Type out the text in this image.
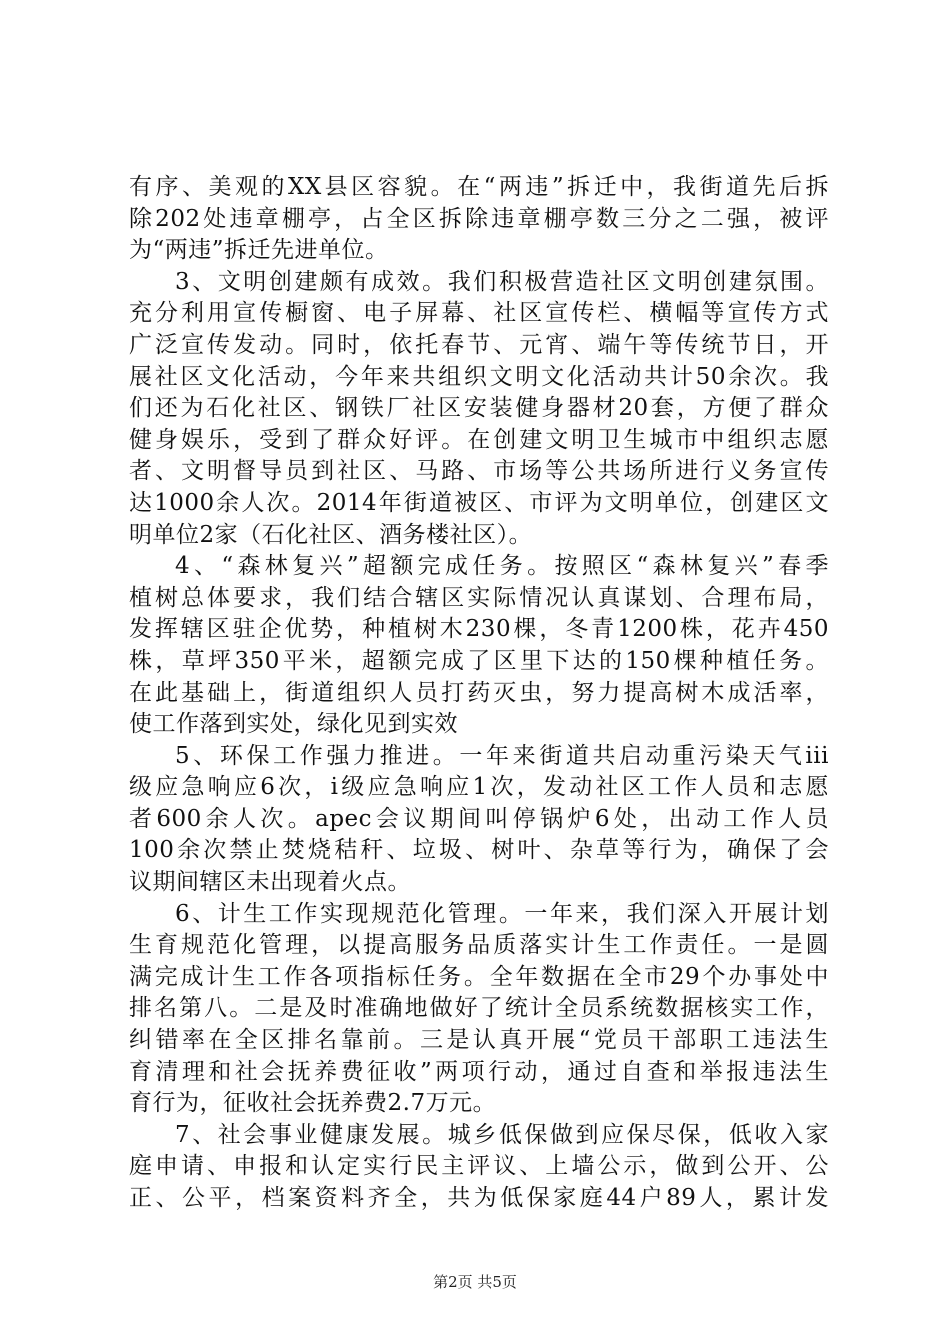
有序、美观的XX县区容貌。在“两违”拆迁中，我街道先后拆
除202处违章棚亭，占全区拆除违章棚亭数三分之二强，被评
为“两违”拆迁先进单位。
3、文明创建颇有成效。我们积极营造社区文明创建氛围。
充分利用宣传橱窗、电子屏幕、社区宣传栏、横幅等宣传方式
广泛宣传发动。同时，依托春节、元宵、端午等传统节日，开
展社区文化活动，今年来共组织文明文化活动共计50余次。我
们还为石化社区、钢铁厂社区安装健身器材20套，方便了群众
健身娱乐，受到了群众好评。在创建文明卫生城市中组织志愿
者、文明督导员到社区、马路、市场等公共场所进行义务宣传
达1000余人次。2014年街道被区、市评为文明单位，创建区文
明单位2家（石化社区、酒务楼社区）。
4、“森林复兴”超额完成任务。按照区“森林复兴”春季
植树总体要求，我们结合辖区实际情况认真谋划、合理布局，
发挥辖区驻企优势，种植树木230棵，冬青1200株，花卉450
株，草坪350平米，超额完成了区里下达的150棵种植任务。
在此基础上，街道组织人员打药灭虫，努力提高树木成活率，
使工作落到实处，绿化见到实效
5、环保工作强力推进。一年来街道共启动重污染天气iii
级应急响应6次，i级应急响应1次，发动社区工作人员和志愿
者600余人次。apec会议期间叫停锅炉6处，出动工作人员
100余次禁止焚烧秸秆、垃圾、树叶、杂草等行为，确保了会
议期间辖区未出现着火点。
6、计生工作实现规范化管理。一年来，我们深入开展计划
生育规范化管理，以提高服务品质落实计生工作责任。一是圆
满完成计生工作各项指标任务。全年数据在全市29个办事处中
排名第八。二是及时准确地做好了统计全员系统数据核实工作，
纠错率在全区排名靠前。三是认真开展“党员干部职工违法生
育清理和社会抚养费征收”两项行动，通过自查和举报违法生
育行为，征收社会抚养费2.7万元。
7、社会事业健康发展。城乡低保做到应保尽保，低收入家
庭申请、申报和认定实行民主评议、上墙公示，做到公开、公
正、公平，档案资料齐全，共为低保家庭44户89人，累计发
第2页 共5页
